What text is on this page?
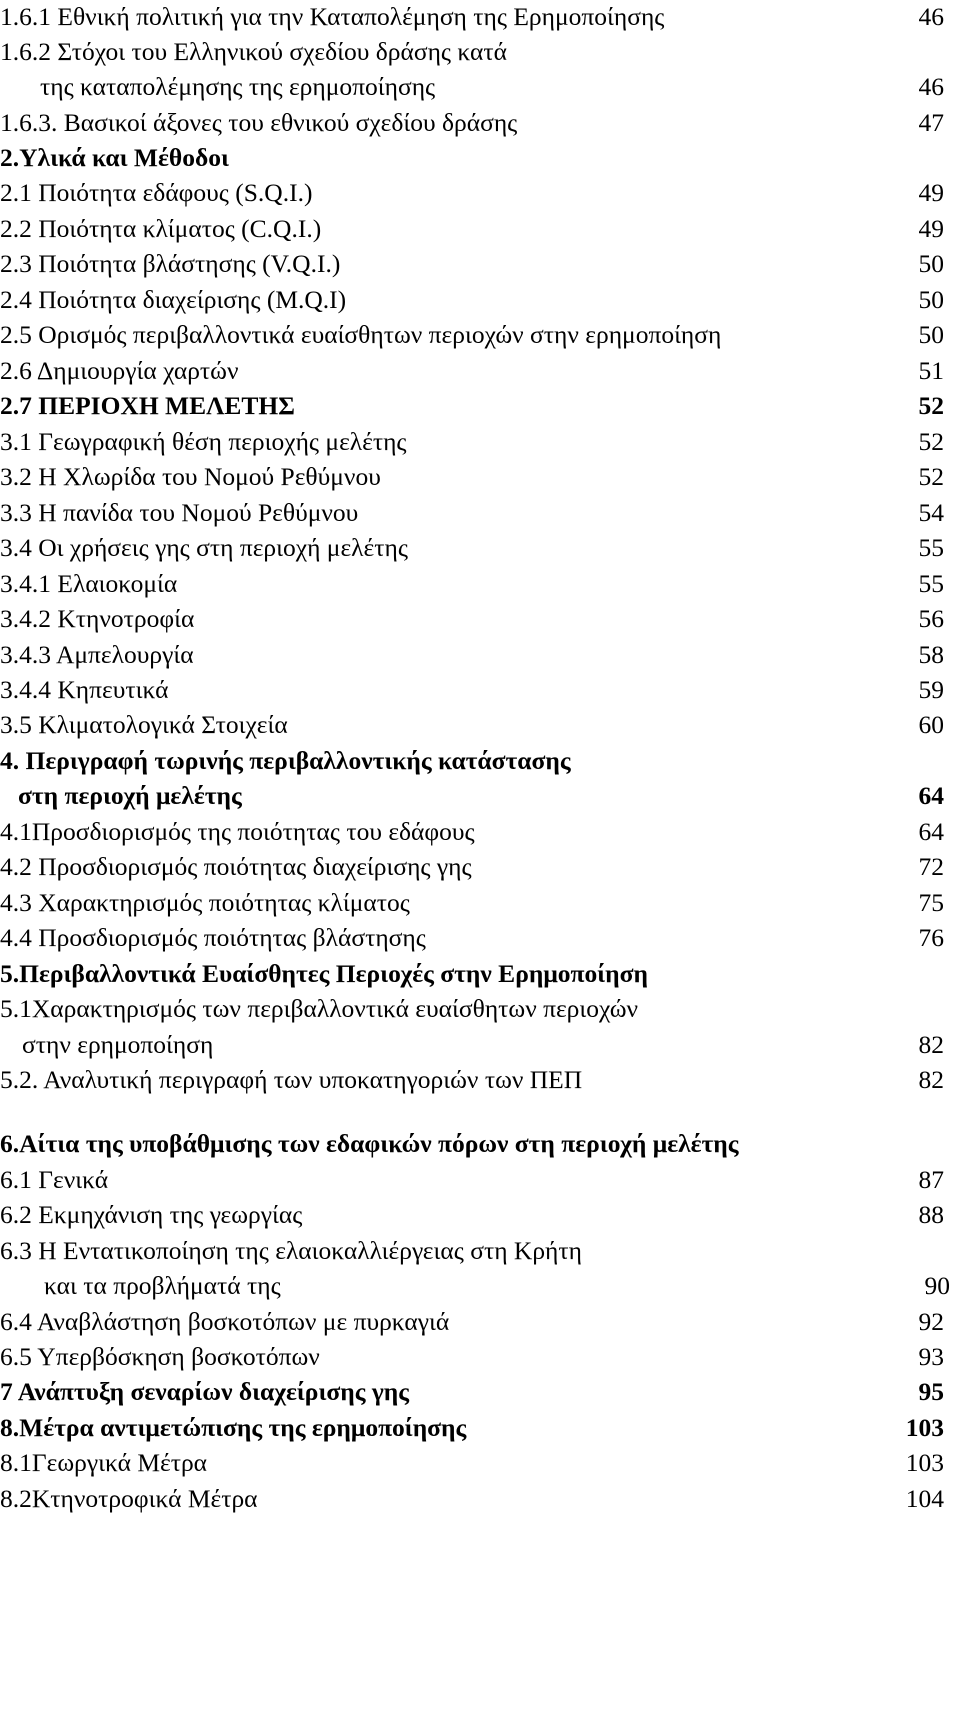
1.6.1 Εθνική πολιτική για την Καταπολέμηση της Ερημοποίησης	46
1.6.2 Στόχοι του Ελληνικού σχεδίου δράσης κατά
της καταπολέμησης της ερημοποίησης	46
1.6.3. Βασικοί άξονες του εθνικού σχεδίου δράσης	47
2.Υλικά και Μέθοδοι
2.1 Ποιότητα εδάφους (S.Q.I.)	49
2.2 Ποιότητα κλίματος (C.Q.I.)	49
2.3 Ποιότητα βλάστησης (V.Q.I.)	50
2.4 Ποιότητα διαχείρισης (M.Q.I)	50
2.5 Ορισμός περιβαλλοντικά ευαίσθητων περιοχών στην ερημοποίηση	50
2.6 Δημιουργία χαρτών	51
2.7 ΠΕΡΙΟΧΗ ΜΕΛΕΤΗΣ	52
3.1 Γεωγραφική θέση περιοχής μελέτης	52
3.2 Η Χλωρίδα του Νομού Ρεθύμνου	52
3.3 Η πανίδα του Νομού Ρεθύμνου	54
3.4 Οι χρήσεις γης στη περιοχή μελέτης	55
3.4.1 Ελαιοκομία	55
3.4.2 Κτηνοτροφία	56
3.4.3 Αμπελουργία	58
3.4.4 Κηπευτικά	59
3.5 Κλιματολογικά Στοιχεία	60
4. Περιγραφή τωρινής περιβαλλοντικής κατάστασης
στη περιοχή μελέτης	64
4.1Προσδιορισμός της ποιότητας του εδάφους	64
4.2 Προσδιορισμός ποιότητας διαχείρισης γης	72
4.3 Χαρακτηρισμός ποιότητας κλίματος	75
4.4 Προσδιορισμός ποιότητας βλάστησης	76
5.Περιβαλλοντικά Ευαίσθητες Περιοχές στην Ερημοποίηση
5.1Χαρακτηρισμός των περιβαλλοντικά ευαίσθητων περιοχών
στην ερημοποίηση	82
5.2. Αναλυτική περιγραφή των υποκατηγοριών των ΠΕΠ	82
6.Αίτια της υποβάθμισης των εδαφικών πόρων στη περιοχή μελέτης
6.1 Γενικά	87
6.2 Εκμηχάνιση της γεωργίας	88
6.3 Η Εντατικοποίηση της ελαιοκαλλιέργειας στη Κρήτη
και τα προβλήματά της	90
6.4 Αναβλάστηση βοσκοτόπων με πυρκαγιά	92
6.5 Υπερβόσκηση βοσκοτόπων	93
7 Ανάπτυξη σεναρίων διαχείρισης γης	95
8.Μέτρα αντιμετώπισης της ερημοποίησης	103
8.1Γεωργικά Μέτρα	103
8.2Κτηνοτροφικά Μέτρα	104
